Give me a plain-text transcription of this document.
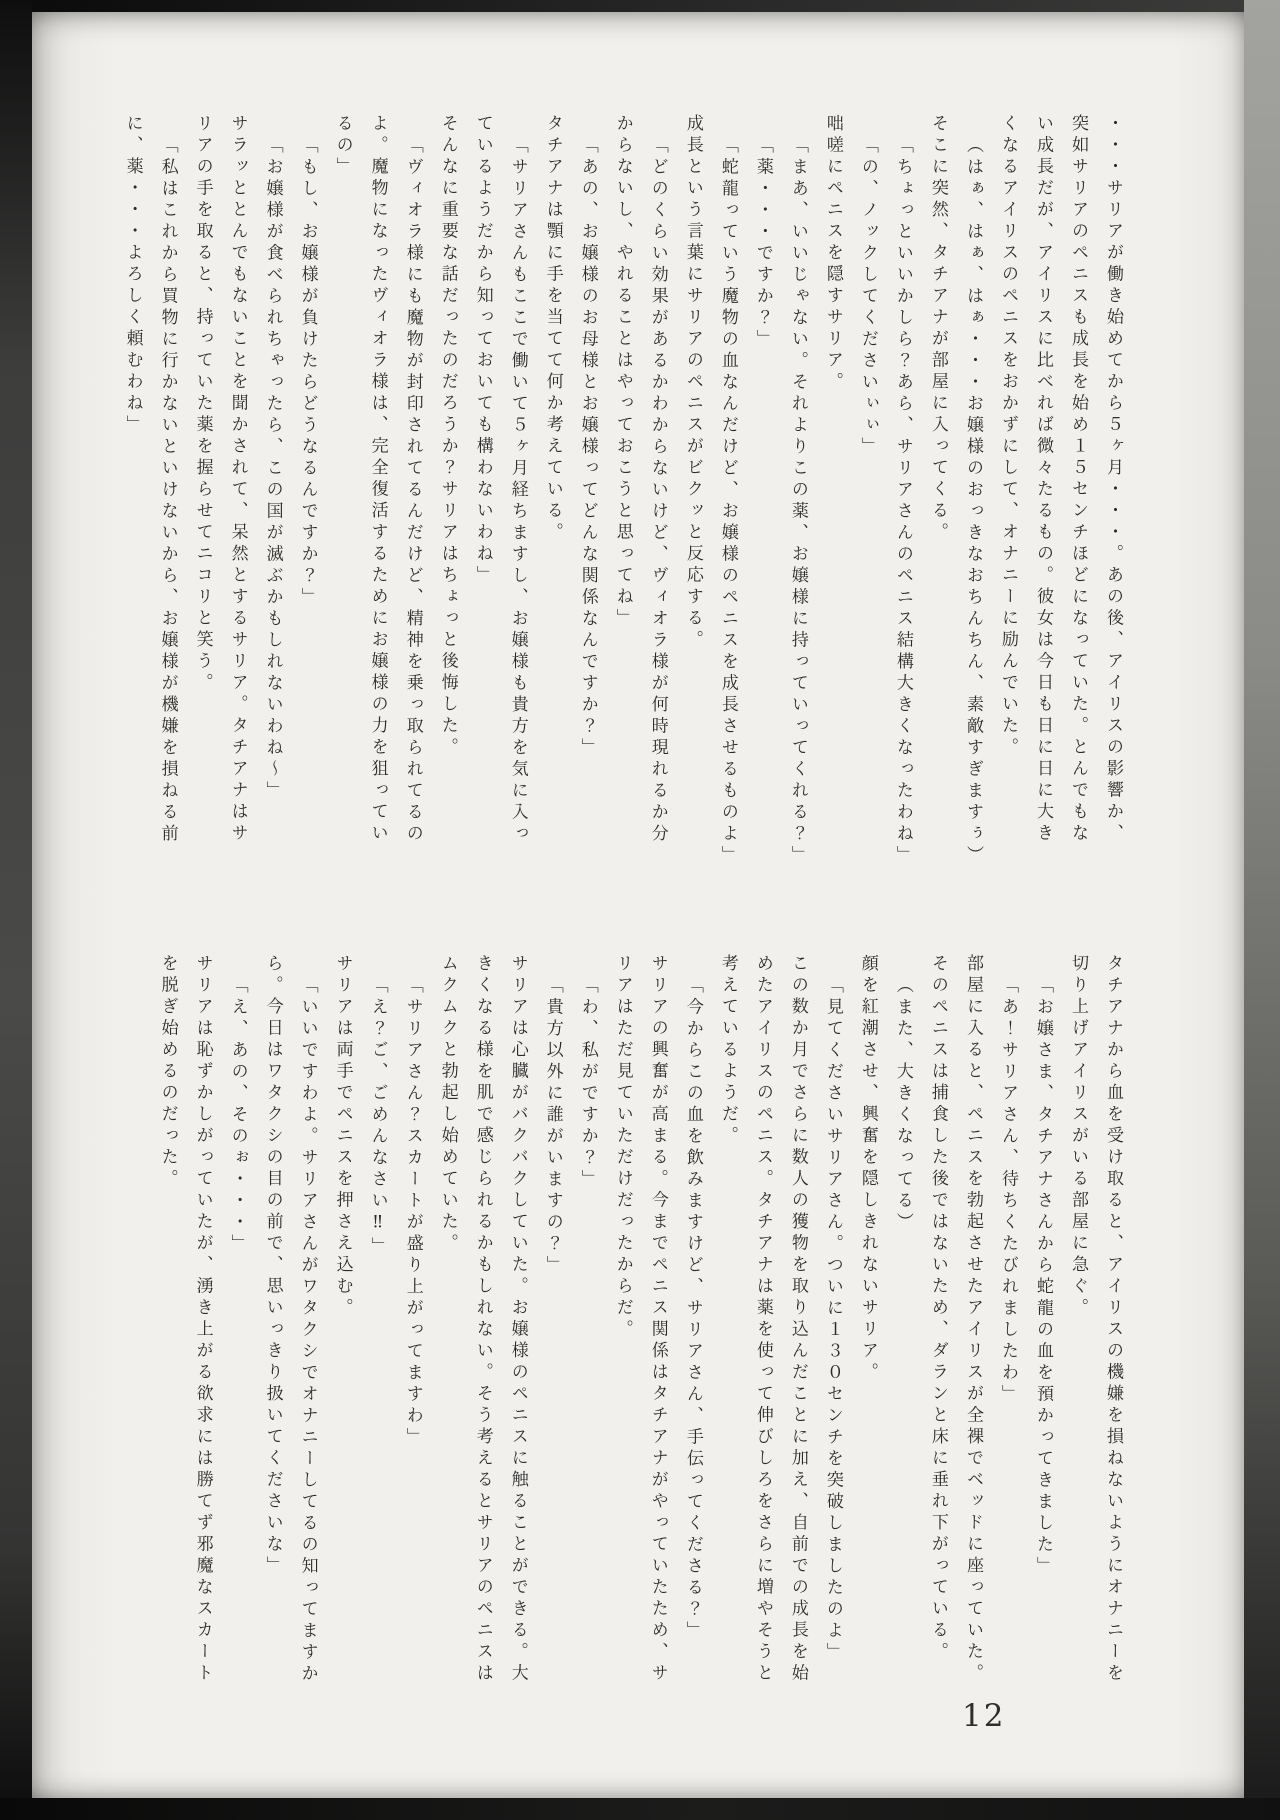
・・・サリアが働き始めてから５ヶ月・・・。あの後、アイリスの影響か、突如サリアのペニスも成長を始め１５センチほどになっていた。とんでもない成長だが、アイリスに比べれば微々たるもの。彼女は今日も日に日に大きくなるアイリスのペニスをおかずにして、オナニーに励んでいた。

（はぁ、はぁ、はぁ・・・お嬢様のおっきなおちんちん、素敵すぎますぅ）

そこに突然、タチアナが部屋に入ってくる。

「ちょっといいかしら？あら、サリアさんのペニス結構大きくなったわね」

「の、ノックしてくださいぃぃ」

咄嗟にペニスを隠すサリア。

「まあ、いいじゃない。それよりこの薬、お嬢様に持っていってくれる？」

「薬・・・ですか？」

「蛇龍っていう魔物の血なんだけど、お嬢様のペニスを成長させるものよ」

成長という言葉にサリアのペニスがビクッと反応する。

「どのくらい効果があるかわからないけど、ヴィオラ様が何時現れるか分からないし、やれることはやっておこうと思ってね」

「あの、お嬢様のお母様とお嬢様ってどんな関係なんですか？」

タチアナは顎に手を当てて何か考えている。

「サリアさんもここで働いて５ヶ月経ちますし、お嬢様も貴方を気に入っているようだから知っておいても構わないわね」

そんなに重要な話だったのだろうか？サリアはちょっと後悔した。

「ヴィオラ様にも魔物が封印されてるんだけど、精神を乗っ取られてるのよ。魔物になったヴィオラ様は、完全復活するためにお嬢様の力を狙っているの」

「もし、お嬢様が負けたらどうなるんですか？」

「お嬢様が食べられちゃったら、この国が滅ぶかもしれないわね〜」

サラッととんでもないことを聞かされて、呆然とするサリア。タチアナはサリアの手を取ると、持っていた薬を握らせてニコリと笑う。

「私はこれから買物に行かないといけないから、お嬢様が機嫌を損ねる前に、薬・・・よろしく頼むわね」

タチアナから血を受け取ると、アイリスの機嫌を損ねないようにオナニーを切り上げアイリスがいる部屋に急ぐ。

「お嬢さま、タチアナさんから蛇龍の血を預かってきました」

「あ！サリアさん、待ちくたびれましたわ」

部屋に入ると、ペニスを勃起させたアイリスが全裸でベッドに座っていた。そのペニスは捕食した後ではないため、ダランと床に垂れ下がっている。

（また、大きくなってる）

顔を紅潮させ、興奮を隠しきれないサリア。

「見てくださいサリアさん。ついに１３０センチを突破しましたのよ」

この数か月でさらに数人の獲物を取り込んだことに加え、自前での成長を始めたアイリスのペニス。タチアナは薬を使って伸びしろをさらに増やそうと考えているようだ。

「今からこの血を飲みますけど、サリアさん、手伝ってくださる？」

サリアの興奮が高まる。今までペニス関係はタチアナがやっていたため、サリアはただ見ていただけだったからだ。

「わ、私がですか？」

「貴方以外に誰がいますの？」

サリアは心臓がバクバクしていた。お嬢様のペニスに触ることができる。大きくなる様を肌で感じられるかもしれない。そう考えるとサリアのペニスはムクムクと勃起し始めていた。

「サリアさん？スカートが盛り上がってますわ」

「え？ご、ごめんなさい‼」

サリアは両手でペニスを押さえ込む。

「いいですわよ。サリアさんがワタクシでオナニーしてるの知ってますから。今日はワタクシの目の前で、思いっきり扱いてくださいな」

「え、あの、そのぉ・・・」

サリアは恥ずかしがっていたが、湧き上がる欲求には勝てず邪魔なスカートを脱ぎ始めるのだった。

12
